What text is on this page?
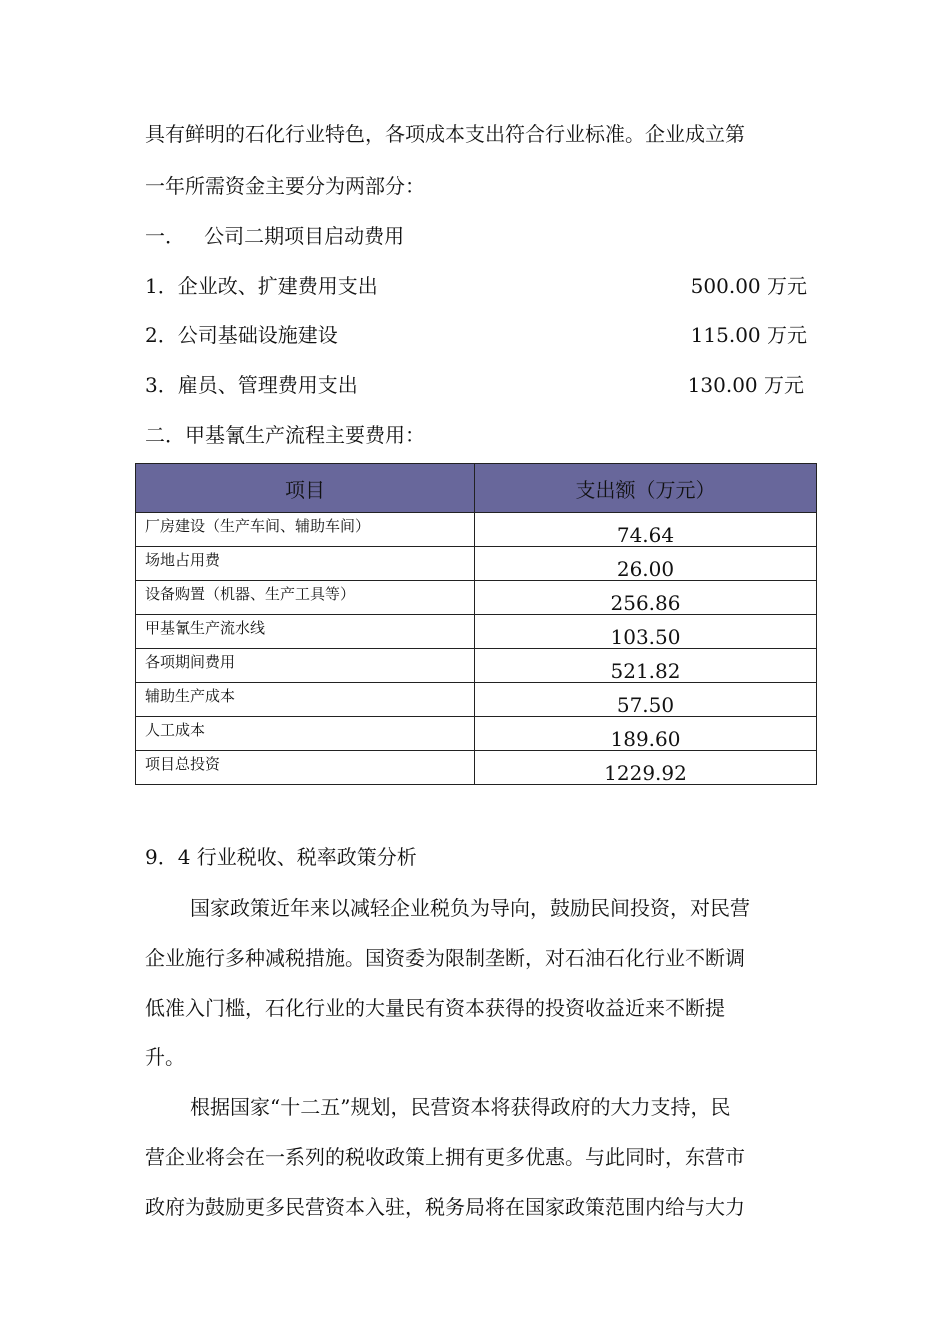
具有鲜明的石化行业特色，各项成本支出符合行业标准。企业成立第
一年所需资金主要分为两部分：
一．   公司二期项目启动费用
1．企业改、扩建费用支出	500.00 万元
2．公司基础设施建设	115.00 万元
3．雇员、管理费用支出	130.00 万元
二．甲基氰生产流程主要费用：
项目	支出额（万元）
厂房建设（生产车间、辅助车间）	74.64
场地占用费	26.00
设备购置（机器、生产工具等）	256.86
甲基氰生产流水线	103.50
各项期间费用	521.82
辅助生产成本	57.50
人工成本	189.60
项目总投资	1229.92
9．4 行业税收、税率政策分析
国家政策近年来以减轻企业税负为导向，鼓励民间投资，对民营
企业施行多种减税措施。国资委为限制垄断，对石油石化行业不断调
低准入门槛，石化行业的大量民有资本获得的投资收益近来不断提
升。
根据国家“十二五”规划，民营资本将获得政府的大力支持，民
营企业将会在一系列的税收政策上拥有更多优惠。与此同时，东营市
政府为鼓励更多民营资本入驻，税务局将在国家政策范围内给与大力
